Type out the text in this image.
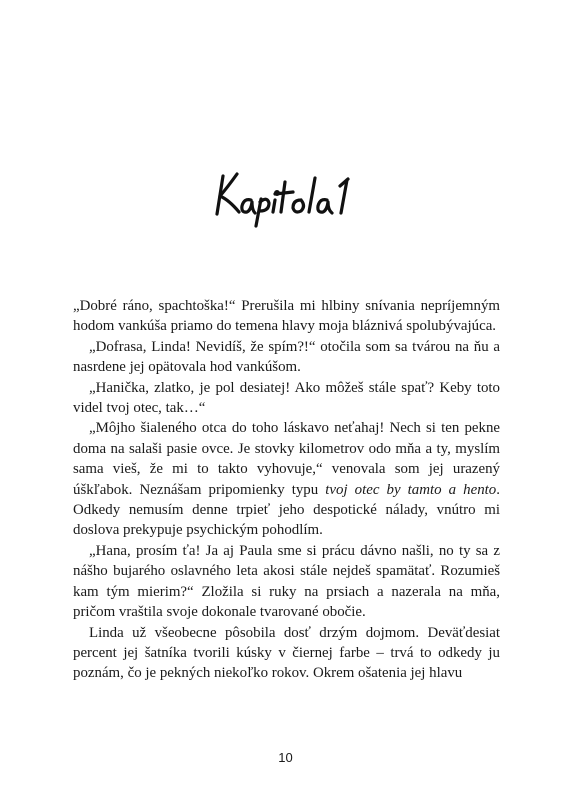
„Dobré ráno, spachtoška!“ Prerušila mi hlbiny snívania nepríjemným hodom vankúša priamo do temena hlavy moja bláznivá spolubývajúca.

„Dofrasa, Linda! Nevidíš, že spím?!“ otočila som sa tvárou na ňu a nasrdene jej opätovala hod vankúšom.

„Hanička, zlatko, je pol desiatej! Ako môžeš stále spať? Keby toto videl tvoj otec, tak…“

„Môjho šialeného otca do toho láskavo neťahaj! Nech si ten pekne doma na salaši pasie ovce. Je stovky kilometrov odo mňa a ty, myslím sama vieš, že mi to takto vyhovuje,“ venovala som jej urazený úškľabok. Neznášam pripomienky typu tvoj otec by tamto a hento. Odkedy nemusím denne trpieť jeho despotické nálady, vnútro mi doslova prekypuje psychickým pohodlím.

„Hana, prosím ťa! Ja aj Paula sme si prácu dávno našli, no ty sa z nášho bujarého oslavného leta akosi stále nejdeš spamätať. Rozumieš kam tým mierim?“ Zložila si ruky na prsiach a nazerala na mňa, pričom vraštila svoje dokonale tvarované obočie.

Linda už všeobecne pôsobila dosť drzým dojmom. Deväťdesiat percent jej šatníka tvorili kúsky v čiernej farbe – trvá to odkedy ju poznám, čo je pekných niekoľko rokov. Okrem ošatenia jej hlavu

10
